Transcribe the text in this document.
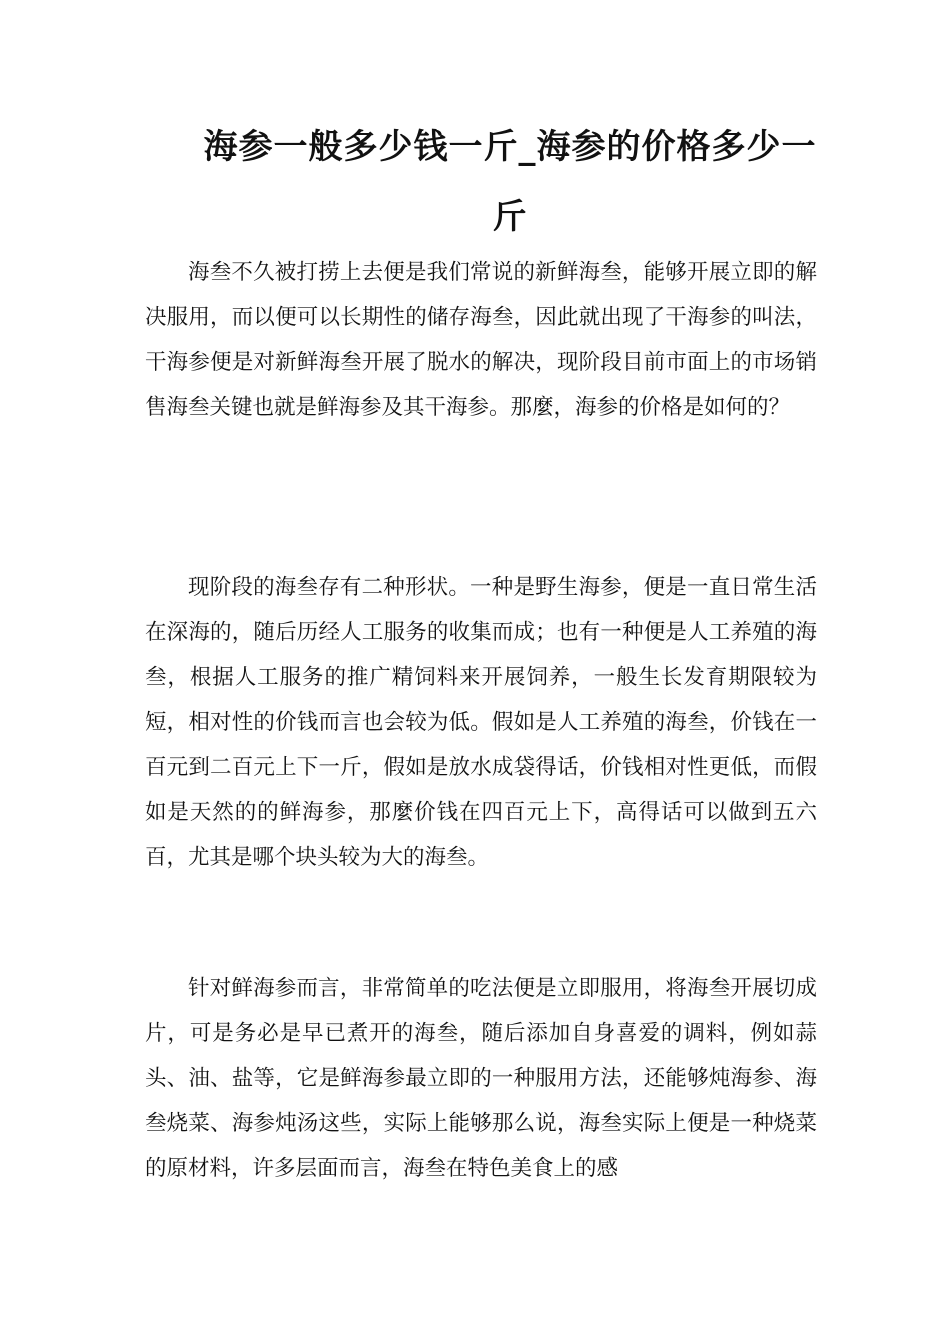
海参一般多少钱一斤_海参的价格多少一斤

海叁不久被打捞上去便是我们常说的新鲜海叁，能够开展立即的解决服用，而以便可以长期性的储存海叁，因此就出现了干海参的叫法，干海参便是对新鲜海叁开展了脱水的解决，现阶段目前市面上的市场销售海叁关键也就是鲜海参及其干海参。那麼，海参的价格是如何的？

现阶段的海叁存有二种形状。一种是野生海参，便是一直日常生活在深海的，随后历经人工服务的收集而成；也有一种便是人工养殖的海叁，根据人工服务的推广精饲料来开展饲养，一般生长发育期限较为短，相对性的价钱而言也会较为低。假如是人工养殖的海叁，价钱在一百元到二百元上下一斤，假如是放水成袋得话，价钱相对性更低，而假如是天然的的鲜海参，那麼价钱在四百元上下，高得话可以做到五六百，尤其是哪个块头较为大的海叁。

针对鲜海参而言，非常简单的吃法便是立即服用，将海叁开展切成片，可是务必是早已煮开的海叁，随后添加自身喜爱的调料，例如蒜头、油、盐等，它是鲜海参最立即的一种服用方法，还能够炖海参、海叁烧菜、海参炖汤这些，实际上能够那么说，海叁实际上便是一种烧菜的原材料，许多层面而言，海叁在特色美食上的感
